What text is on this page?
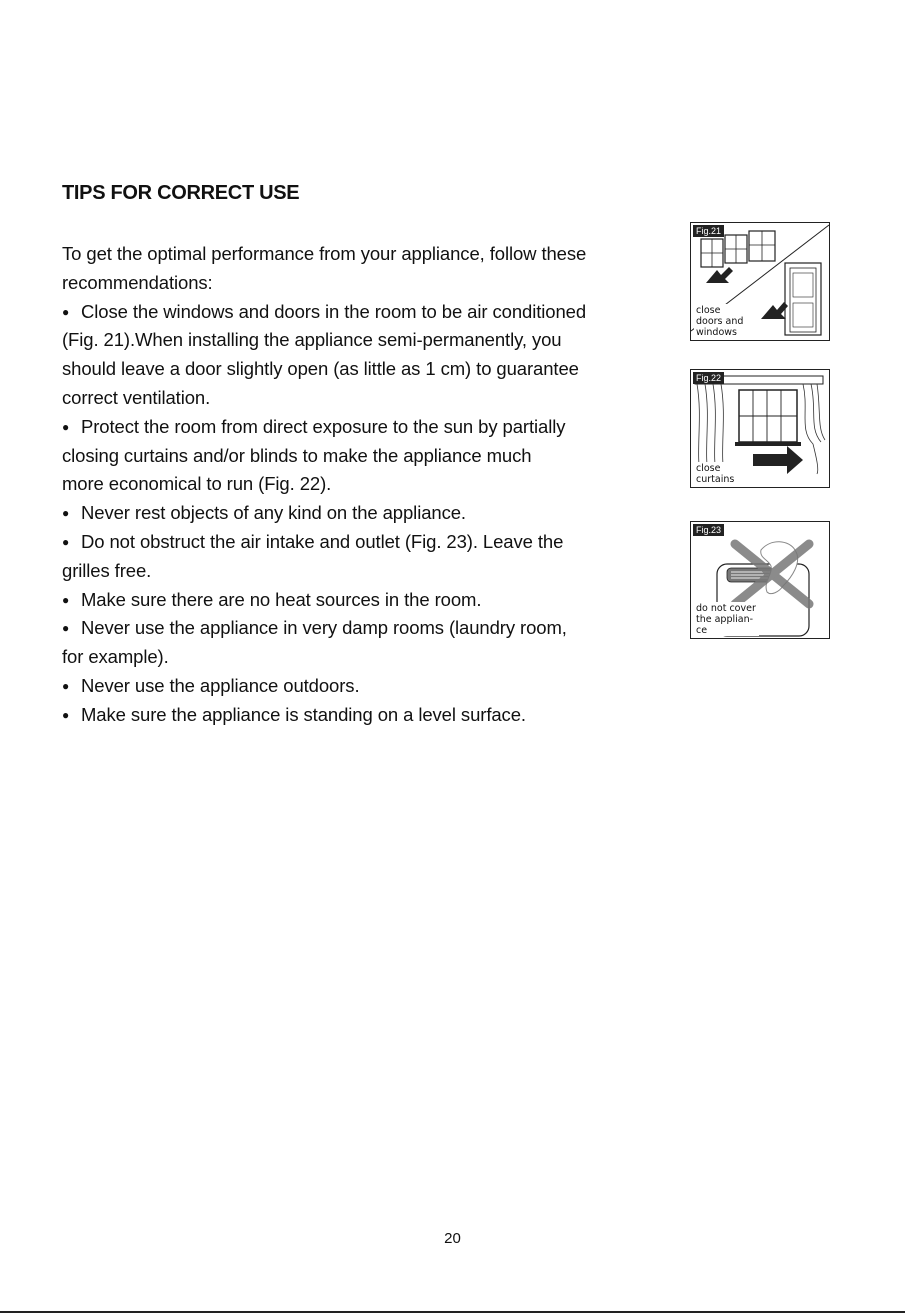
TIPS FOR CORRECT USE
To get the optimal performance from your appliance, follow these
recommendations:
● Close the windows and doors in the room to be air conditioned
(Fig. 21).When installing the appliance semi-permanently, you
should leave a door slightly open (as little as 1 cm) to guarantee
correct ventilation.
● Protect the room from direct exposure to the sun by partially
closing curtains and/or blinds to make the appliance much
more economical to run (Fig. 22).
● Never rest objects of any kind on the appliance.
● Do not obstruct the air intake and outlet (Fig. 23). Leave the
grilles free.
● Make sure there are no heat sources in the room.
● Never use the appliance in very damp rooms (laundry room,
for example).
● Never use the appliance outdoors.
● Make sure the appliance is standing on a level surface.
Fig.21
close
doors and
windows
Fig.22
close
curtains
Fig.23
do not cover
the applian-
ce
20
